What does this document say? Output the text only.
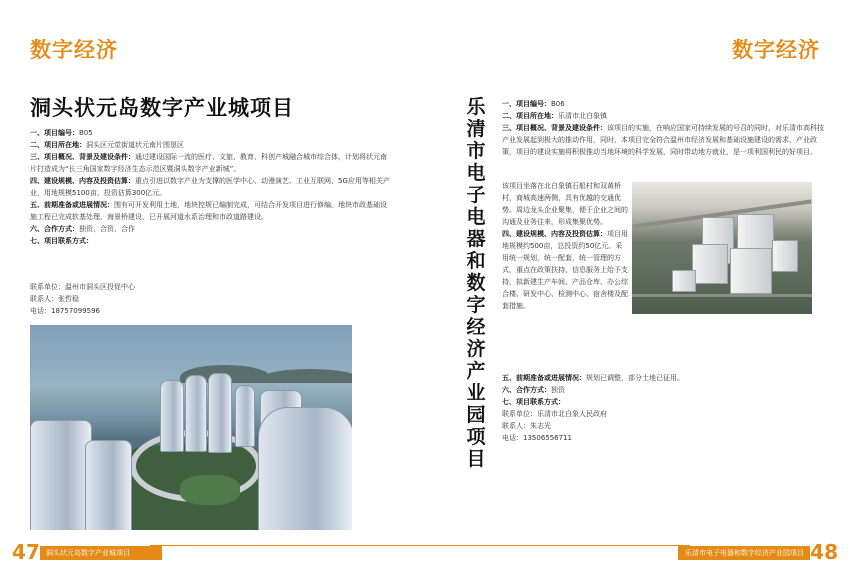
数字经济
洞头状元岛数字产业城项目
一、项目编号：B05
二、项目所在地：洞头区元觉街道状元南片围垦区
三、项目概况、背景及建设条件：通过建设国际一流的医疗、文旅、教育、科创产城融合城市综合体，计划将状元南片打造成为“长三角国家数字经济生态示范区暨洞头数字产业新城”。
四、建设规模、内容及投资估算：重点引进以数字产业为支撑的医学中心、动漫演艺、工业互联网、5G应用等相关产业，用地规模5100亩，投资估算300亿元。
五、前期准备或进展情况：围有可开发利用土地，地块控规已编制完成，可结合开发项目进行修编。地块市政基础设施工程已完成软基处理、海景桥建设，已开展河道水系治理和市政道路建设。
六、合作方式：独资、合资、合作
七、项目联系方式：
联系单位：温州市洞头区投促中心
联系人：张哲稳
电话：18757099596
洞头状元岛数字产业城项目
47
数字经济
乐清市电子电器和数字经济产业园项目 48
乐
清
市
电
子
电
器
和
数
字
经
济
产
业
园
项
目
一、项目编号：B06
二、项目所在地：乐清市北白象镇
三、项目概况、背景及建设条件：该项目的实施，在响应国家可持续发展的号召的同时，对乐清市高科技产业发展起到极大的推动作用，同时，本项目完全符合温州市经济发展和基础设施建设的需求。产业政策，项目的建设实施将积极推动当地环境的科学发展，同时带动地方就业，是一项利国利民的好项目。
该项目坐落在北白象镇石船村和双黄桥村，商城高速两侧，具有优越的交通优势。周边龙头企业聚集，便于企业之间的沟通及业务往来，形成集聚优势。
四、建设规模、内容及投资估算：项目用地规模约500亩，总投资约50亿元。采用统一规划，统一配套，统一管理的方式，重点在政策扶持、信息服务上给予支持，拟新建生产车间、产品仓库、办公综合楼、研发中心、检测中心、宿舍楼及配套措施。
五、前期准备或进展情况：规划已调整，部分土地已征用。
六、合作方式：独资
七、项目联系方式：
联系单位：乐清市北白象人民政府
联系人：朱志光
电话：13506556711
